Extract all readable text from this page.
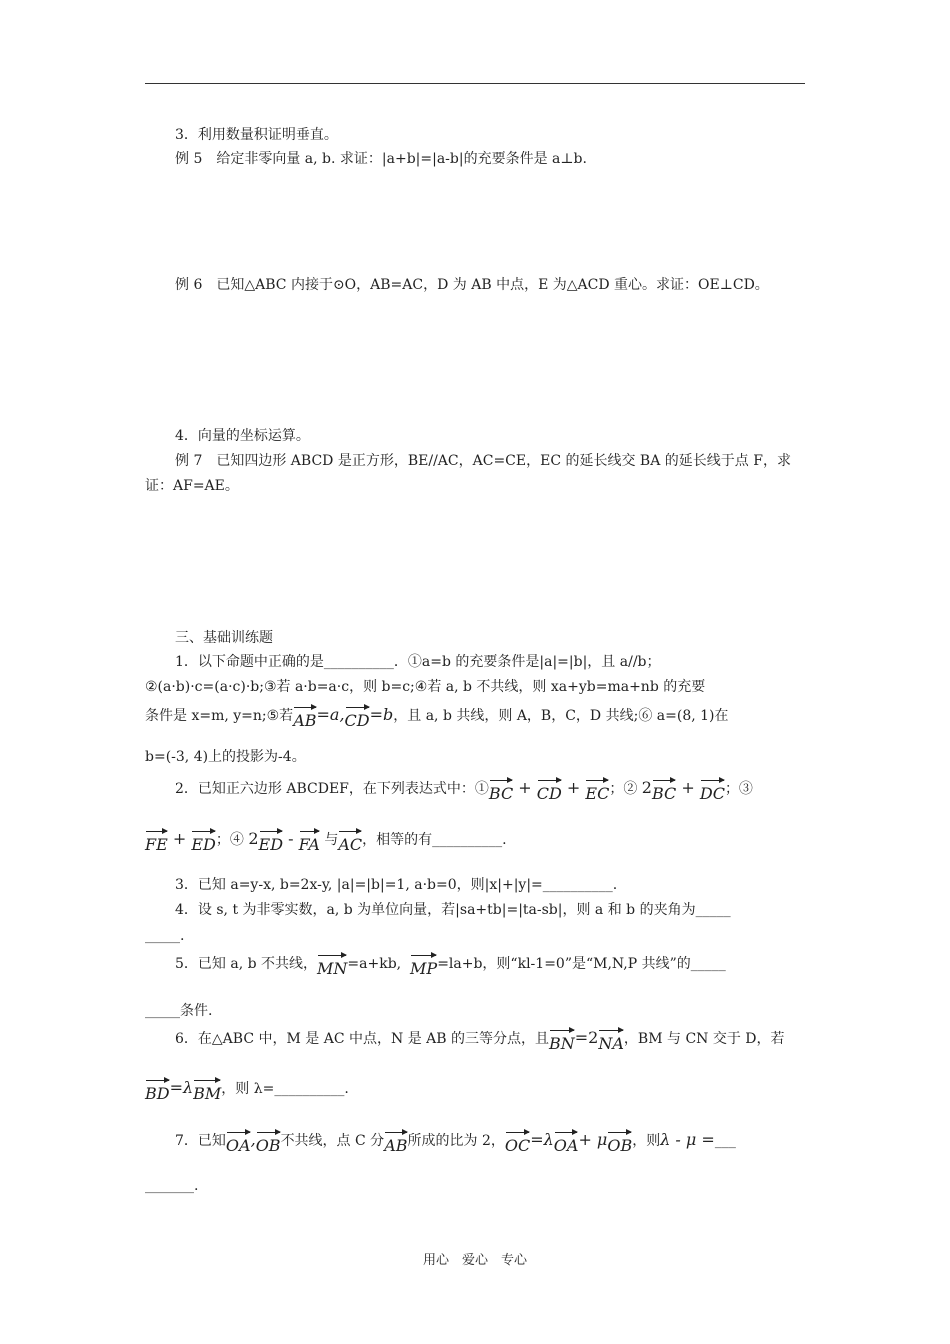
3．利用数量积证明垂直。
例 5　给定非零向量 a, b. 求证：|a+b|=|a-b|的充要条件是 a⊥b.
例 6　已知△ABC 内接于⊙O，AB=AC，D 为 AB 中点，E 为△ACD 重心。求证：OE⊥CD。
4．向量的坐标运算。
例 7　已知四边形 ABCD 是正方形，BE//AC，AC=CE，EC 的延长线交 BA 的延长线于点 F，求
证：AF=AE。
三、基础训练题
1．以下命题中正确的是__________．①a=b 的充要条件是|a|=|b|，且 a//b；
②(a·b)·c=(a·c)·b;③若 a·b=a·c，则 b=c;④若 a, b 不共线，则 xa+yb=ma+nb 的充要
条件是 x=m, y=n;⑤若AB=a,CD=b，且 a, b 共线，则 A，B，C，D 共线;⑥ a=(8, 1)在
b=(-3, 4)上的投影为-4。
2．已知正六边形 ABCDEF，在下列表达式中：①BC + CD + EC；② 2BC + DC；③
FE + ED；④ 2ED - FA 与AC，相等的有__________.
3．已知 a=y-x, b=2x-y, |a|=|b|=1, a·b=0，则|x|+|y|=__________.
4．设 s, t 为非零实数，a, b 为单位向量，若|sa+tb|=|ta-sb|，则 a 和 b 的夹角为_____
_____.
5．已知 a, b 不共线，MN=a+kb, MP=la+b，则“kl-1=0”是“M,N,P 共线”的_____
_____条件.
6．在△ABC 中，M 是 AC 中点，N 是 AB 的三等分点，且BN=2NA，BM 与 CN 交于 D，若
BD=λBM，则 λ=__________.
7．已知OA,OB不共线，点 C 分AB所成的比为 2，OC=λOA+ μOB，则λ - μ =___
_______.
用心　爱心　专心
